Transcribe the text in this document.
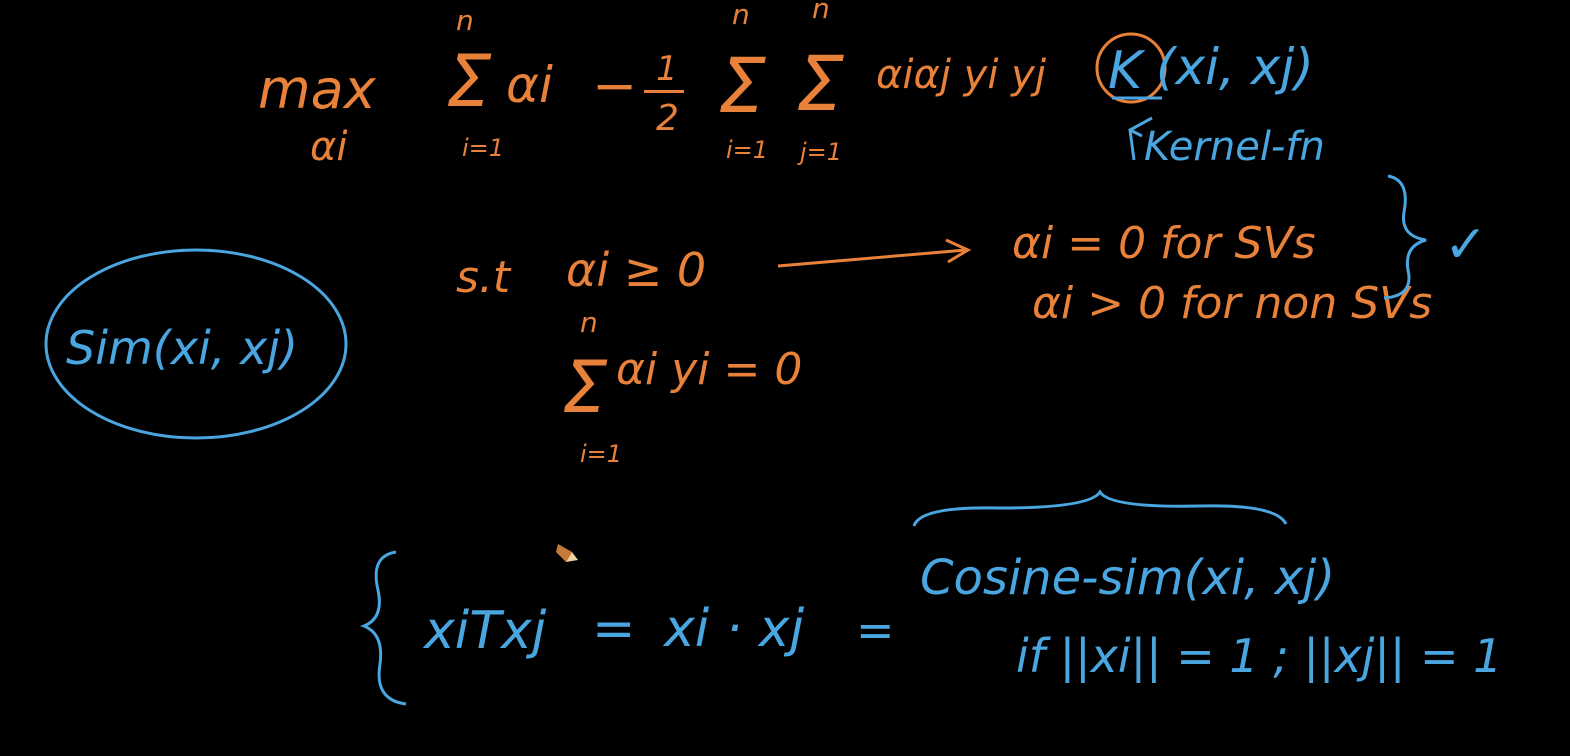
max
αi
n
Σ
i=1
αi − 1
2
n
Σ
i=1
n
Σ
j=1
αiαj yi yj K (xi, xj)
Kernel-fn
s.t αi ≥ 0	αi = 0 for SVs
αi > 0 for non SVs
n
Σ
i=1
αi yi = 0
✓
Sim(xi, xj)
xiTxj = xi · xj =
Cosine-sim(xi, xj)
if ||xi|| = 1 ; ||xj|| = 1
